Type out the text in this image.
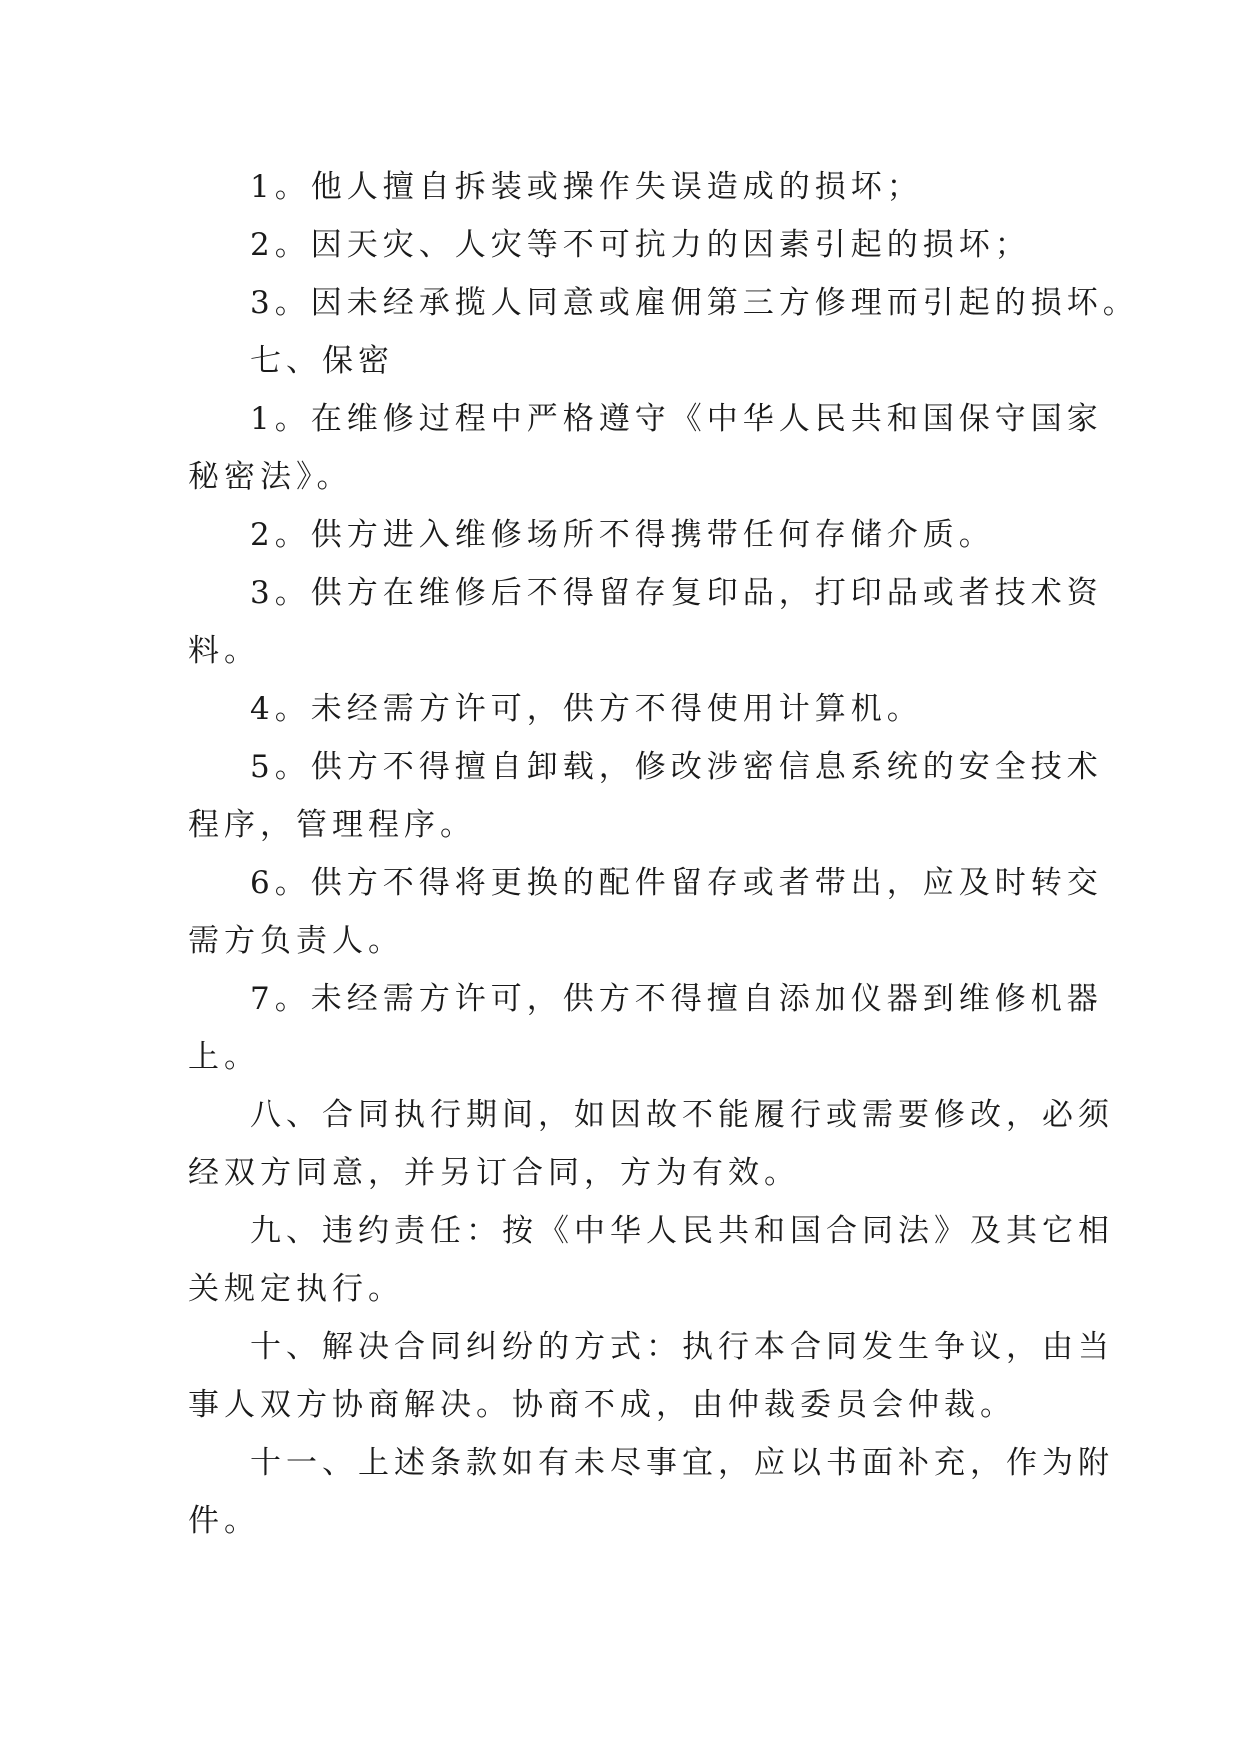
1。他人擅自拆装或操作失误造成的损坏；

2。因天灾、人灾等不可抗力的因素引起的损坏；

3。因未经承揽人同意或雇佣第三方修理而引起的损坏。

七、保密

1。在维修过程中严格遵守《中华人民共和国保守国家

秘密法》。

2。供方进入维修场所不得携带任何存储介质。

3。供方在维修后不得留存复印品，打印品或者技术资

料。

4。未经需方许可，供方不得使用计算机。

5。供方不得擅自卸载，修改涉密信息系统的安全技术

程序，管理程序。

6。供方不得将更换的配件留存或者带出，应及时转交

需方负责人。

7。未经需方许可，供方不得擅自添加仪器到维修机器

上。

八、合同执行期间，如因故不能履行或需要修改，必须

经双方同意，并另订合同，方为有效。

九、违约责任：按《中华人民共和国合同法》及其它相

关规定执行。

十、解决合同纠纷的方式：执行本合同发生争议，由当

事人双方协商解决。协商不成，由仲裁委员会仲裁。

十一、上述条款如有未尽事宜，应以书面补充，作为附

件。
